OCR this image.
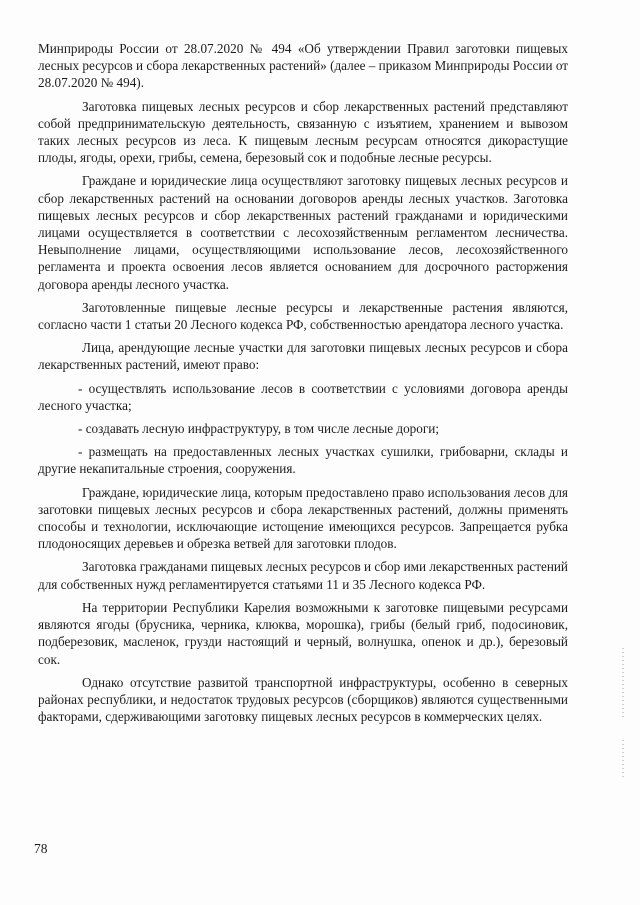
Минприроды России от 28.07.2020 № 494 «Об утверждении Правил заготовки пищевых лесных ресурсов и сбора лекарственных растений» (далее – приказом Минприроды России от 28.07.2020 № 494).

Заготовка пищевых лесных ресурсов и сбор лекарственных растений представляют собой предпринимательскую деятельность, связанную с изъятием, хранением и вывозом таких лесных ресурсов из леса. К пищевым лесным ресурсам относятся дикорастущие плоды, ягоды, орехи, грибы, семена, березовый сок и подобные лесные ресурсы.

Граждане и юридические лица осуществляют заготовку пищевых лесных ресурсов и сбор лекарственных растений на основании договоров аренды лесных участков. Заготовка пищевых лесных ресурсов и сбор лекарственных растений гражданами и юридическими лицами осуществляется в соответствии с лесохозяйственным регламентом лесничества. Невыполнение лицами, осуществляющими использование лесов, лесохозяйственного регламента и проекта освоения лесов является основанием для досрочного расторжения договора аренды лесного участка.

Заготовленные пищевые лесные ресурсы и лекарственные растения являются, согласно части 1 статьи 20 Лесного кодекса РФ, собственностью арендатора лесного участка.

Лица, арендующие лесные участки для заготовки пищевых лесных ресурсов и сбора лекарственных растений, имеют право:

- осуществлять использование лесов в соответствии с условиями договора аренды лесного участка;

- создавать лесную инфраструктуру, в том числе лесные дороги;

- размещать на предоставленных лесных участках сушилки, грибоварни, склады и другие некапитальные строения, сооружения.

Граждане, юридические лица, которым предоставлено право использования лесов для заготовки пищевых лесных ресурсов и сбора лекарственных растений, должны применять способы и технологии, исключающие истощение имеющихся ресурсов. Запрещается рубка плодоносящих деревьев и обрезка ветвей для заготовки плодов.

Заготовка гражданами пищевых лесных ресурсов и сбор ими лекарственных растений для собственных нужд регламентируется статьями 11 и 35 Лесного кодекса РФ.

На территории Республики Карелия возможными к заготовке пищевыми ресурсами являются ягоды (брусника, черника, клюква, морошка), грибы (белый гриб, подосиновик, подберезовик, масленок, грузди настоящий и черный, волнушка, опенок и др.), березовый сок.

Однако отсутствие развитой транспортной инфраструктуры, особенно в северных районах республики, и недостаток трудовых ресурсов (сборщиков) являются существенными факторами, сдерживающими заготовку пищевых лесных ресурсов в коммерческих целях.

78
